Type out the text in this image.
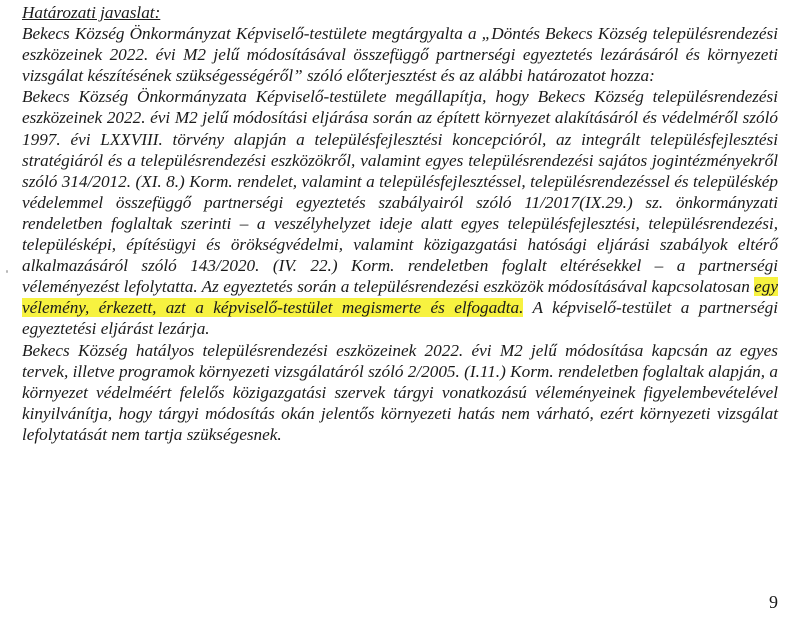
Határozati javaslat:

Bekecs Község Önkormányzat Képviselő-testülete megtárgyalta a „Döntés Bekecs Község településrendezési eszközeinek 2022. évi M2 jelű módosításával összefüggő partnerségi egyeztetés lezárásáról és környezeti vizsgálat készítésének szükségességéről” szóló előterjesztést és az alábbi határozatot hozza:

Bekecs Község Önkormányzata Képviselő-testülete megállapítja, hogy Bekecs Község településrendezési eszközeinek 2022. évi M2 jelű módosítási eljárása során az épített környezet alakításáról és védelméről szóló 1997. évi LXXVIII. törvény alapján a településfejlesztési koncepcióról, az integrált településfejlesztési stratégiáról és a településrendezési eszközökről, valamint egyes településrendezési sajátos jogintézményekről szóló 314/2012. (XI. 8.) Korm. rendelet, valamint a településfejlesztéssel, településrendezéssel és településkép védelemmel összefüggő partnerségi egyeztetés szabályairól szóló 11/2017(IX.29.) sz. önkormányzati rendeletben foglaltak szerinti – a veszélyhelyzet ideje alatt egyes településfejlesztési, településrendezési, településképi, építésügyi és örökségvédelmi, valamint közigazgatási hatósági eljárási szabályok eltérő alkalmazásáról szóló 143/2020. (IV. 22.) Korm. rendeletben foglalt eltérésekkel – a partnerségi véleményezést lefolytatta. Az egyeztetés során a településrendezési eszközök módosításával kapcsolatosan egy vélemény, érkezett, azt a képviselő-testület megismerte és elfogadta. A képviselő-testület a partnerségi egyeztetési eljárást lezárja.

Bekecs Község hatályos településrendezési eszközeinek 2022. évi M2 jelű módosítása kapcsán az egyes tervek, illetve programok környezeti vizsgálatáról szóló 2/2005. (I.11.) Korm. rendeletben foglaltak alapján, a környezet védelméért felelős közigazgatási szervek tárgyi vonatkozású véleményeinek figyelembevételével kinyilvánítja, hogy tárgyi módosítás okán jelentős környezeti hatás nem várható, ezért környezeti vizsgálat lefolytatását nem tartja szükségesnek.

9
